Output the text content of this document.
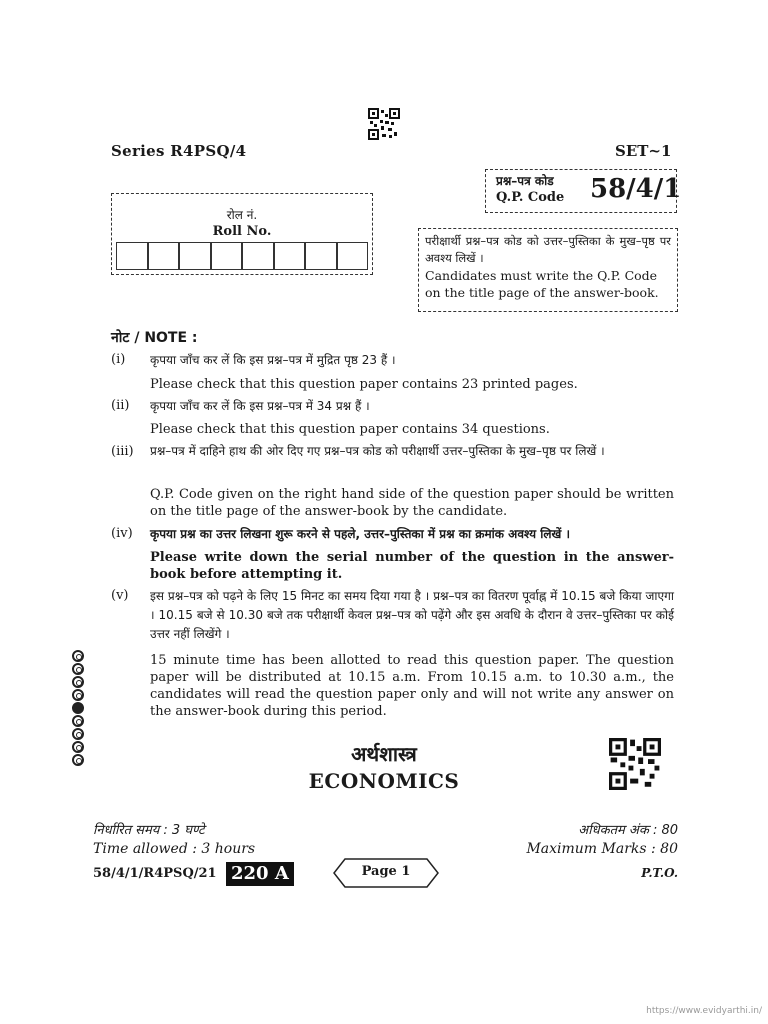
Series R4PSQ/4	SET~1
प्रश्न–पत्र कोड
Q.P. Code 58/4/1
रोल नं.
Roll No.
परीक्षार्थी प्रश्न–पत्र कोड को उत्तर–पुस्तिका के मुख–पृष्ठ पर अवश्य लिखें ।
Candidates must write the Q.P. Code on the title page of the answer-book.
नोट / NOTE :
(i) कृपया जाँच कर लें कि इस प्रश्न–पत्र में मुद्रित पृष्ठ 23 हैं ।
Please check that this question paper contains 23 printed pages.
(ii) कृपया जाँच कर लें कि इस प्रश्न–पत्र में 34 प्रश्न हैं ।
Please check that this question paper contains 34 questions.
(iii) प्रश्न–पत्र में दाहिने हाथ की ओर दिए गए प्रश्न–पत्र कोड को परीक्षार्थी उत्तर–पुस्तिका के मुख–पृष्ठ पर लिखें ।
Q.P. Code given on the right hand side of the question paper should be written on the title page of the answer-book by the candidate.
(iv) कृपया प्रश्न का उत्तर लिखना शुरू करने से पहले, उत्तर–पुस्तिका में प्रश्न का क्रमांक अवश्य लिखें ।
Please write down the serial number of the question in the answer-book before attempting it.
(v) इस प्रश्न–पत्र को पढ़ने के लिए 15 मिनट का समय दिया गया है । प्रश्न–पत्र का वितरण पूर्वाह्न में 10.15 बजे किया जाएगा । 10.15 बजे से 10.30 बजे तक परीक्षार्थी केवल प्रश्न–पत्र को पढ़ेंगे और इस अवधि के दौरान वे उत्तर–पुस्तिका पर कोई उत्तर नहीं लिखेंगे ।
15 minute time has been allotted to read this question paper. The question paper will be distributed at 10.15 a.m. From 10.15 a.m. to 10.30 a.m., the candidates will read the question paper only and will not write any answer on the answer-book during this period.
अर्थशास्त्र
ECONOMICS
निर्धारित समय : 3 घण्टे
Time allowed : 3 hours
अधिकतम अंक : 80
Maximum Marks : 80
58/4/1/R4PSQ/21 220 A	Page 1	P.T.O.
https://www.evidyarthi.in/
